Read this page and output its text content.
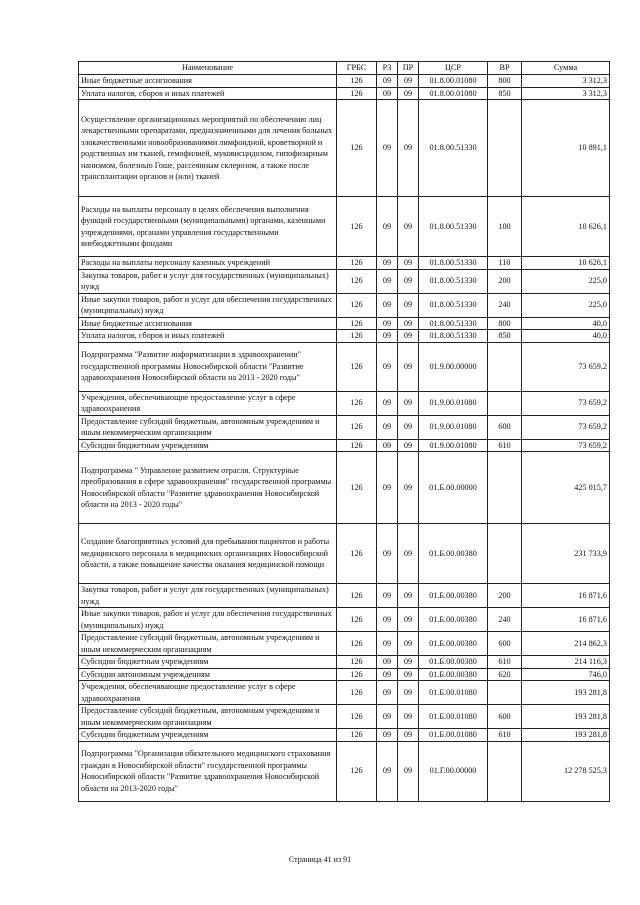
Наименование	ГРБС	РЗ	ПР	ЦСР	ВР	Сумма
Иные бюджетные ассигнования	126	09	09	01.8.00.01080	800	3 312,3
Уплата налогов, сборов и иных платежей	126	09	09	01.8.00.01080	850	3 312,3
Осуществление организационных мероприятий по обеспечению лиц лекарственными препаратами, предназначенными для лечения больных злокачественными новообразованиями лимфоидной, кроветворной и родственных им тканей, гемофилией, муковисцидозом, гипофизарным нанизмом, болезнью Гоше, рассеянным склерозом, а также после трансплантации органов и (или) тканей	126	09	09	01.8.00.51330		10 891,1
Расходы на выплаты персоналу в целях обеспечения выполнения функций государственными (муниципальными) органами, казенными учреждениями, органами управления государственными внебюджетными фондами	126	09	09	01.8.00.51330	100	10 626,1
Расходы на выплаты персоналу казенных учреждений	126	09	09	01.8.00.51330	110	10 626,1
Закупка товаров, работ и услуг для государственных (муниципальных) нужд	126	09	09	01.8.00.51330	200	225,0
Иные закупки товаров, работ и услуг для обеспечения государственных (муниципальных) нужд	126	09	09	01.8.00.51330	240	225,0
Иные бюджетные ассигнования	126	09	09	01.8.00.51330	800	40,0
Уплата налогов, сборов и иных платежей	126	09	09	01.8.00.51330	850	40,0
Подпрограмма "Развитие информатизации в здравоохранении" государственной программы Новосибирской области "Развитие здравоохранения Новосибирской области на 2013 - 2020 годы"	126	09	09	01.9.00.00000		73 659,2
Учреждения, обеспечивающие предоставление услуг в сфере здравоохранения	126	09	09	01.9.00.01080		73 659,2
Предоставление субсидий бюджетным, автономным учреждениям и иным некоммерческим организациям	126	09	09	01.9.00.01080	600	73 659,2
Субсидии бюджетным учреждениям	126	09	09	01.9.00.01080	610	73 659,2
Подпрограмма " Управление развитием отрасли. Структурные преобразования в сфере здравоохранения" государственной программы Новосибирской области "Развитие здравоохранения Новосибирской области на 2013 - 2020 годы"	126	09	09	01.Б.00.00000		425 015,7
Создание благоприятных условий для пребывания пациентов и работы медицинского персонала в медицинских организациях Новосибирской области, а также повышение качества оказания медицинской помощи	126	09	09	01.Б.00.00380		231 733,9
Закупка товаров, работ и услуг для государственных (муниципальных) нужд	126	09	09	01.Б.00.00380	200	16 871,6
Иные закупки товаров, работ и услуг для обеспечения государственных (муниципальных) нужд	126	09	09	01.Б.00.00380	240	16 871,6
Предоставление субсидий бюджетным, автономным учреждениям и иным некоммерческим организациям	126	09	09	01.Б.00.00380	600	214 862,3
Субсидии бюджетным учреждениям	126	09	09	01.Б.00.00380	610	214 116,3
Субсидии автономным учреждениям	126	09	09	01.Б.00.00380	620	746,0
Учреждения, обеспечивающие предоставление услуг в сфере здравоохранения	126	09	09	01.Б.00.01080		193 281,8
Предоставление субсидий бюджетным, автономным учреждениям и иным некоммерческим организациям	126	09	09	01.Б.00.01080	600	193 281,8
Субсидии бюджетным учреждениям	126	09	09	01.Б.00.01080	610	193 281,8
Подпрограмма "Организация обязательного медицинского страхования граждан в Новосибирской области" государственной программы Новосибирской области "Развитие здравоохранения Новосибирской области на 2013-2020 годы"	126	09	09	01.Г.00.00000		12 278 525,3
Страница 41 из 91
